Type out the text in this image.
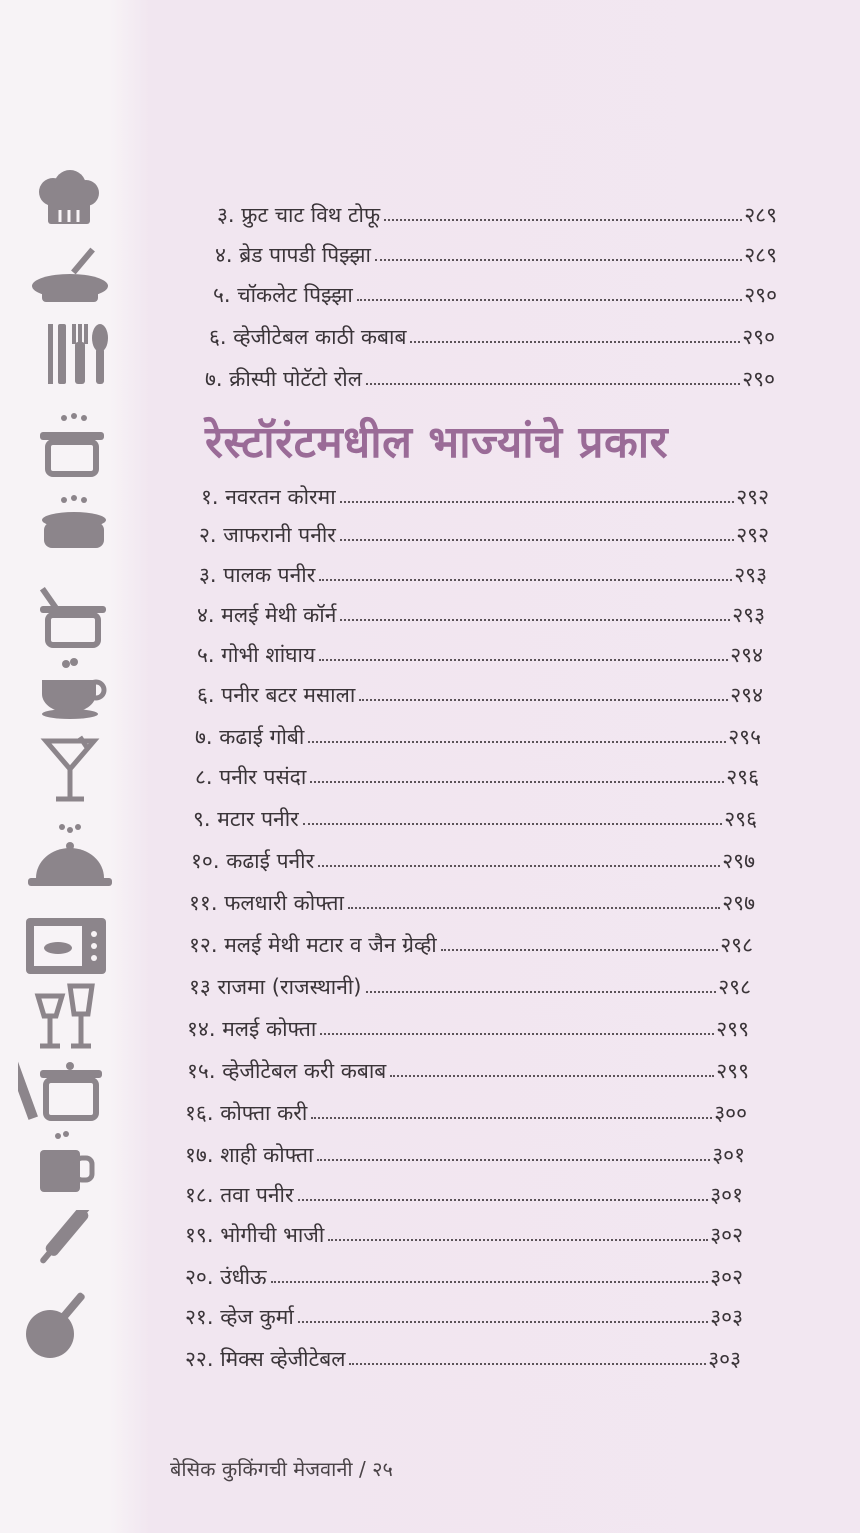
३. फ्रुट चाट विथ टोफू	२८९
४. ब्रेड पापडी पिझ्झा	२८९
५. चॉकलेट पिझ्झा	२९०
६. व्हेजीटेबल काठी कबाब	२९०
७. क्रीस्पी पोटॅटो रोल	२९०
रेस्टॉरंटमधील भाज्यांचे प्रकार
१. नवरतन कोरमा	२९२
२. जाफरानी पनीर	२९२
३. पालक पनीर	२९३
४. मलई मेथी कॉर्न	२९३
५. गोभी शांघाय	२९४
६. पनीर बटर मसाला	२९४
७. कढाई गोबी	२९५
८. पनीर पसंदा	२९६
९. मटार पनीर	२९६
१०. कढाई पनीर	२९७
११. फलधारी कोफ्ता	२९७
१२. मलई मेथी मटार व जैन ग्रेव्ही	२९८
१३ राजमा (राजस्थानी)	२९८
१४. मलई कोफ्ता	२९९
१५. व्हेजीटेबल करी कबाब	२९९
१६. कोफ्ता करी	३००
१७. शाही कोफ्ता	३०१
१८. तवा पनीर	३०१
१९. भोगीची भाजी	३०२
२०. उंधीऊ	३०२
२१. व्हेज कुर्मा	३०३
२२. मिक्स व्हेजीटेबल	३०३
बेसिक कुकिंगची मेजवानी / २५
